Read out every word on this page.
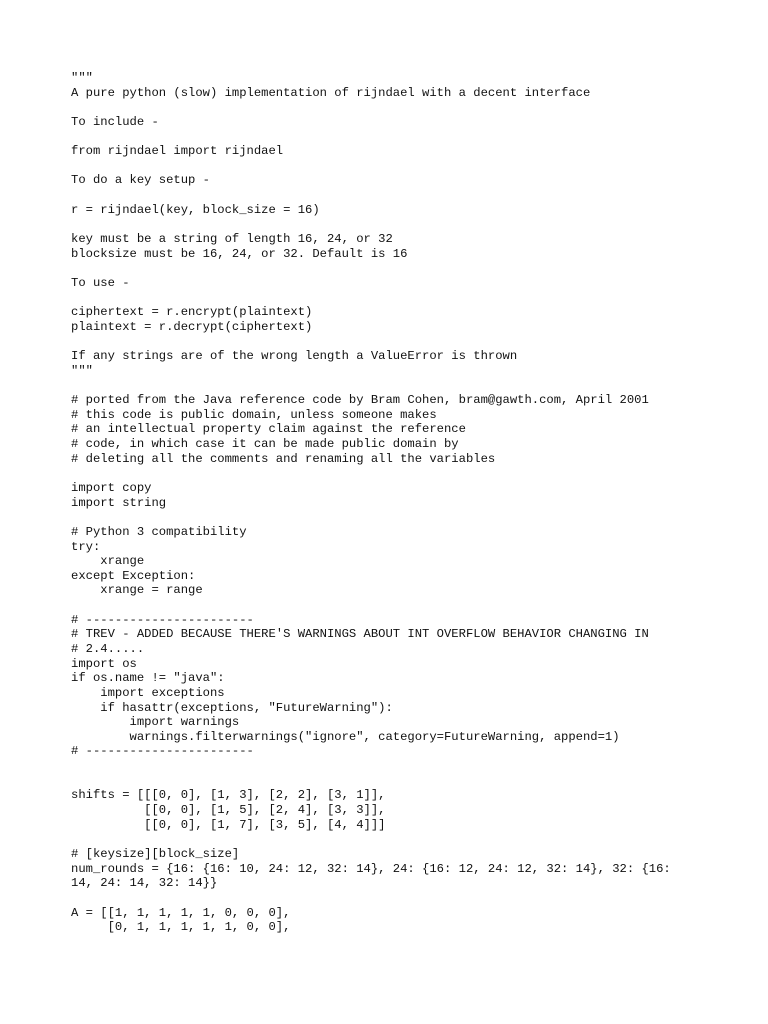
"""
A pure python (slow) implementation of rijndael with a decent interface
To include -
from rijndael import rijndael
To do a key setup -
r = rijndael(key, block_size = 16)
key must be a string of length 16, 24, or 32
blocksize must be 16, 24, or 32. Default is 16
To use -
ciphertext = r.encrypt(plaintext)
plaintext = r.decrypt(ciphertext)
If any strings are of the wrong length a ValueError is thrown
"""
# ported from the Java reference code by Bram Cohen, bram@gawth.com, April 2001
# this code is public domain, unless someone makes
# an intellectual property claim against the reference
# code, in which case it can be made public domain by
# deleting all the comments and renaming all the variables
import copy
import string
# Python 3 compatibility
try:
xrange
except Exception:
xrange = range
# -----------------------
# TREV - ADDED BECAUSE THERE'S WARNINGS ABOUT INT OVERFLOW BEHAVIOR CHANGING IN
# 2.4.....
import os
if os.name != "java":
import exceptions
if hasattr(exceptions, "FutureWarning"):
import warnings
warnings.filterwarnings("ignore", category=FutureWarning, append=1)
# -----------------------
shifts = [[[0, 0], [1, 3], [2, 2], [3, 1]],
[[0, 0], [1, 5], [2, 4], [3, 3]],
[[0, 0], [1, 7], [3, 5], [4, 4]]]
# [keysize][block_size]
num_rounds = {16: {16: 10, 24: 12, 32: 14}, 24: {16: 12, 24: 12, 32: 14}, 32: {16:
14, 24: 14, 32: 14}}
A = [[1, 1, 1, 1, 1, 0, 0, 0],
[0, 1, 1, 1, 1, 1, 0, 0],
